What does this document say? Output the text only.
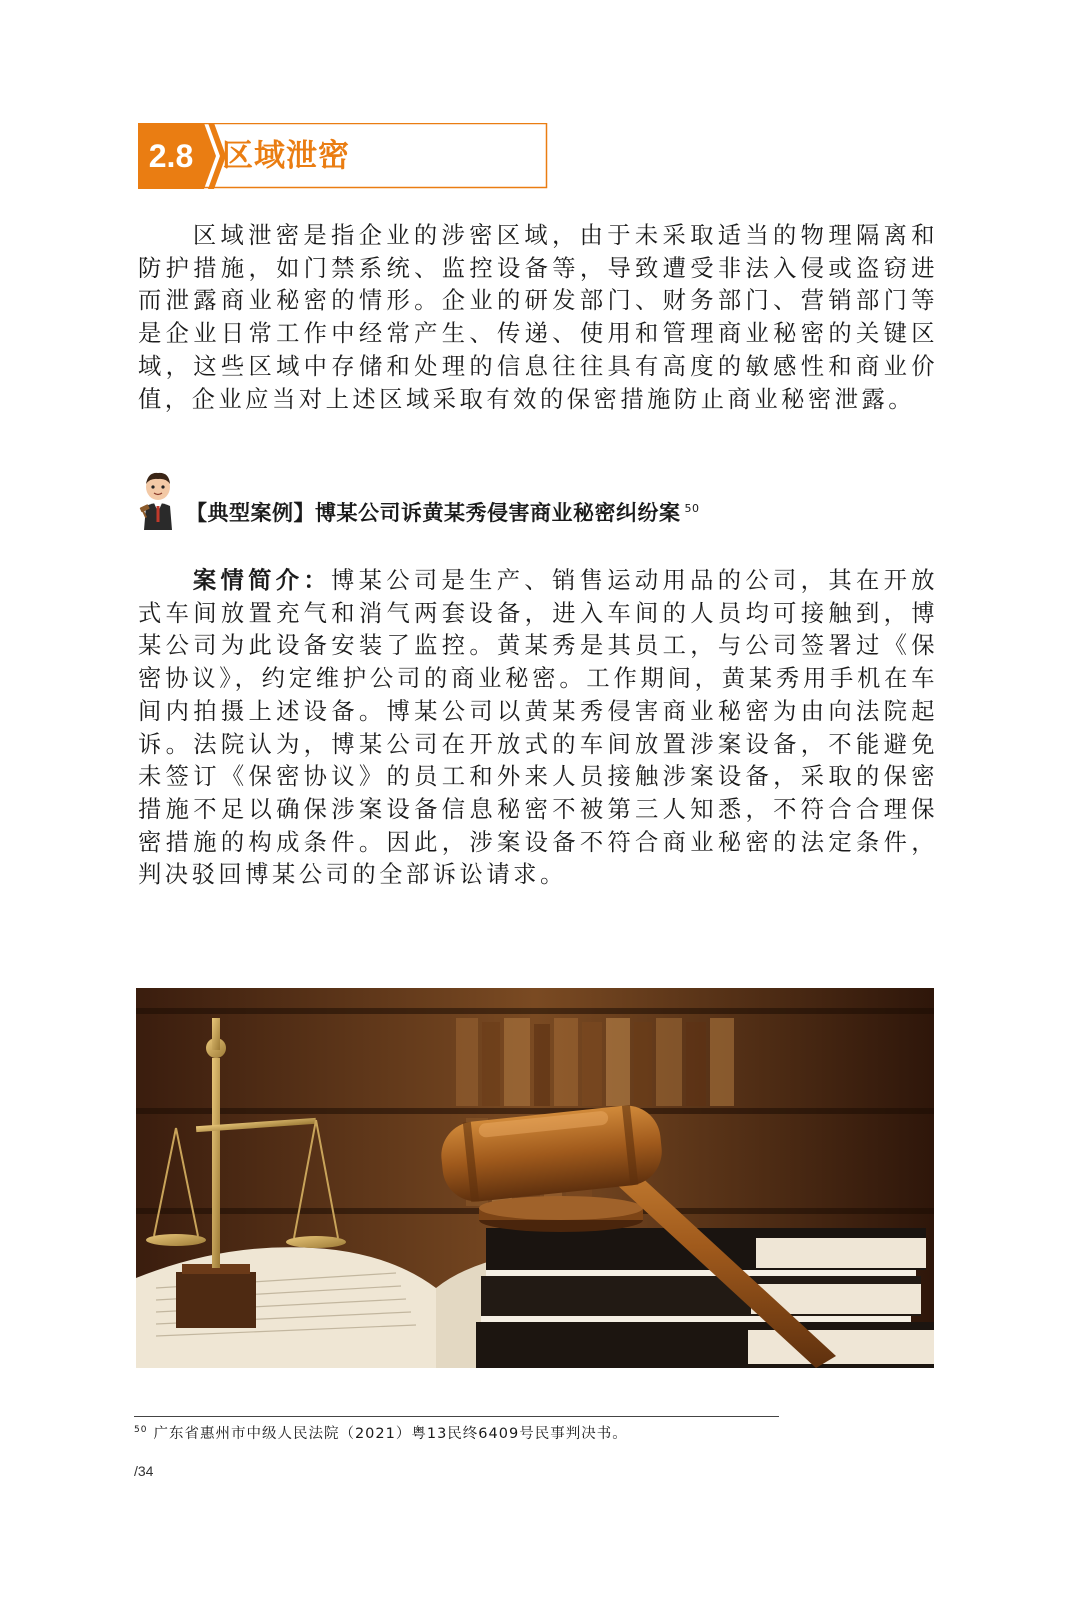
2.8 区域泄密

区域泄密是指企业的涉密区域，由于未采取适当的物理隔离和防护措施，如门禁系统、监控设备等，导致遭受非法入侵或盗窃进而泄露商业秘密的情形。企业的研发部门、财务部门、营销部门等是企业日常工作中经常产生、传递、使用和管理商业秘密的关键区域，这些区域中存储和处理的信息往往具有高度的敏感性和商业价值，企业应当对上述区域采取有效的保密措施防止商业秘密泄露。

【典型案例】博某公司诉黄某秀侵害商业秘密纠纷案 $^{50}$

案情简介：博某公司是生产、销售运动用品的公司，其在开放式车间放置充气和消气两套设备，进入车间的人员均可接触到，博某公司为此设备安装了监控。黄某秀是其员工，与公司签署过《保密协议》，约定维护公司的商业秘密。工作期间，黄某秀用手机在车间内拍摄上述设备。博某公司以黄某秀侵害商业秘密为由向法院起诉。法院认为，博某公司在开放式的车间放置涉案设备，不能避免未签订《保密协议》的员工和外来人员接触涉案设备，采取的保密措施不足以确保涉案设备信息秘密不被第三人知悉，不符合合理保密措施的构成条件。因此，涉案设备不符合商业秘密的法定条件，判决驳回博某公司的全部诉讼请求。

$^{50}$ 广东省惠州市中级人民法院（2021）粤13民终6409号民事判决书。
/34
